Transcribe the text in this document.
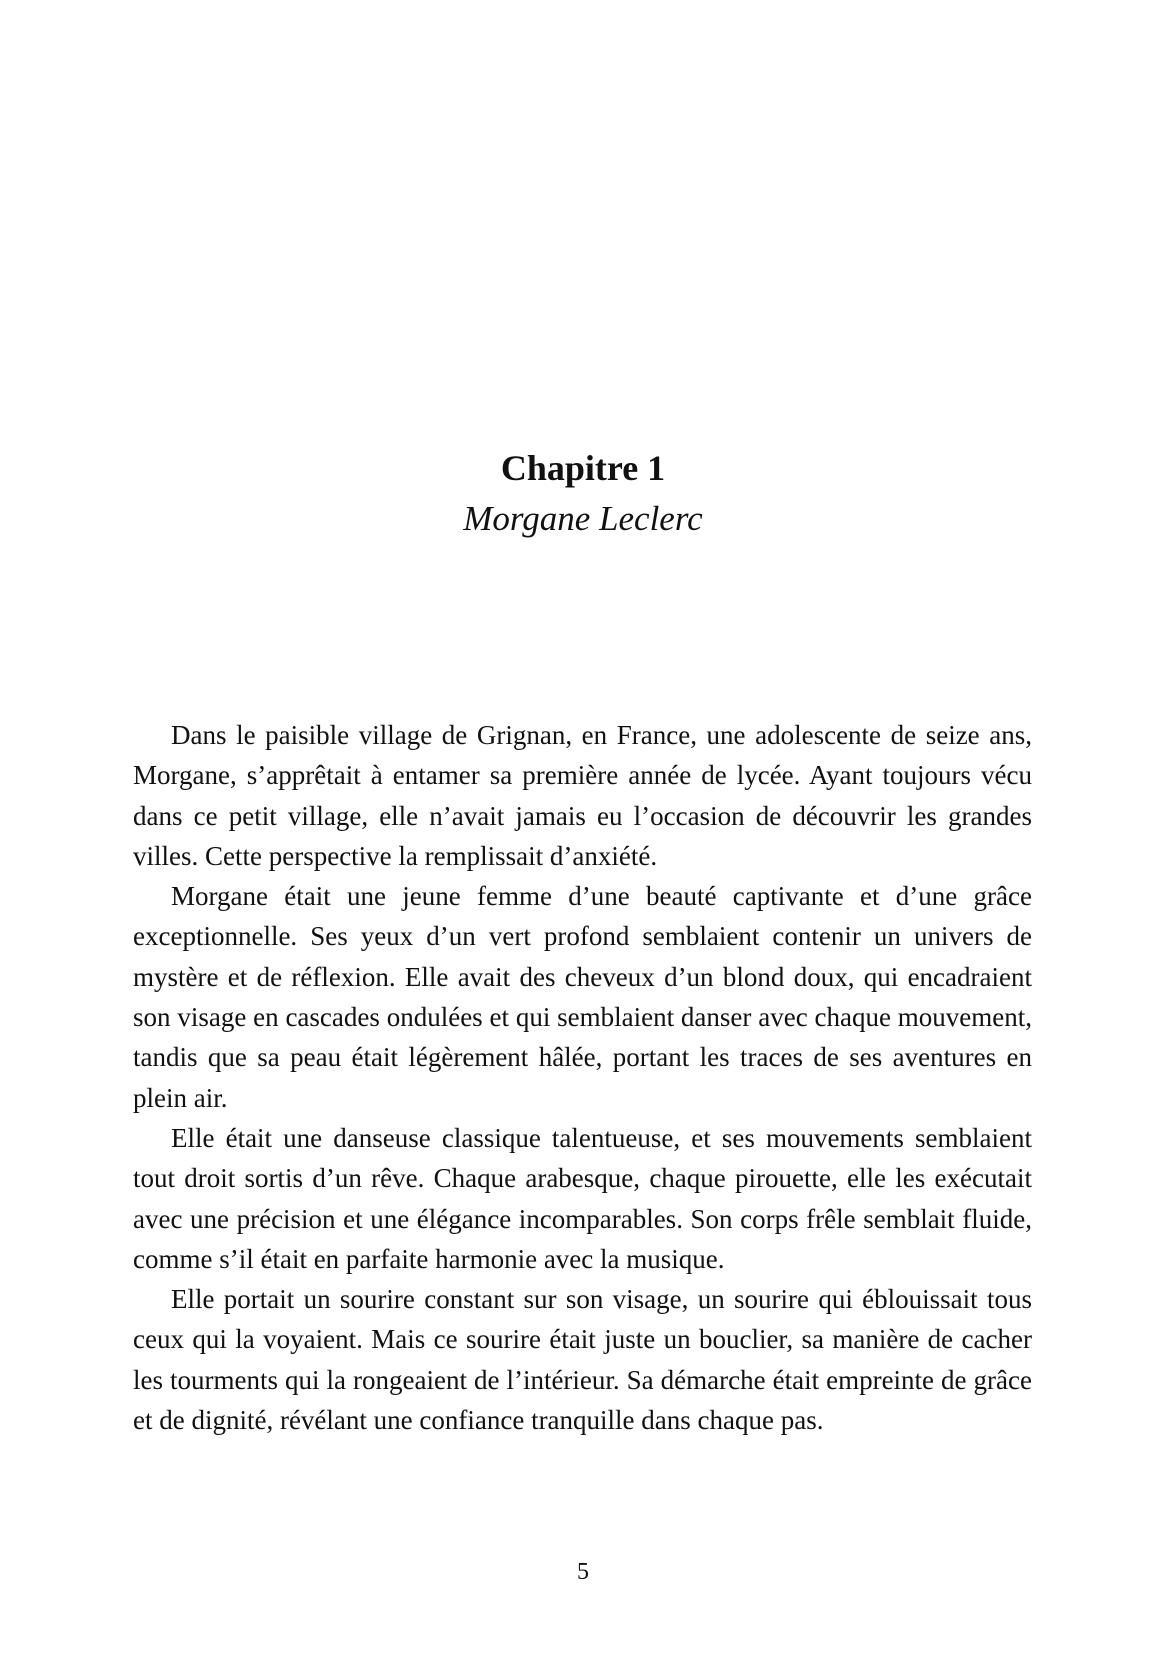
Chapitre 1

Morgane Leclerc

Dans le paisible village de Grignan, en France, une adolescente de seize ans, Morgane, s’apprêtait à entamer sa première année de lycée. Ayant toujours vécu dans ce petit village, elle n’avait jamais eu l’occasion de découvrir les grandes villes. Cette perspective la remplissait d’anxiété.

Morgane était une jeune femme d’une beauté captivante et d’une grâce exceptionnelle. Ses yeux d’un vert profond semblaient contenir un univers de mystère et de réflexion. Elle avait des cheveux d’un blond doux, qui encadraient son visage en cascades ondulées et qui semblaient danser avec chaque mouvement, tandis que sa peau était légèrement hâlée, portant les traces de ses aventures en plein air.

Elle était une danseuse classique talentueuse, et ses mouvements semblaient tout droit sortis d’un rêve. Chaque arabesque, chaque pirouette, elle les exécutait avec une précision et une élégance incomparables. Son corps frêle semblait fluide, comme s’il était en parfaite harmonie avec la musique.

Elle portait un sourire constant sur son visage, un sourire qui éblouissait tous ceux qui la voyaient. Mais ce sourire était juste un bouclier, sa manière de cacher les tourments qui la rongeaient de l’intérieur. Sa démarche était empreinte de grâce et de dignité, révélant une confiance tranquille dans chaque pas.

5
